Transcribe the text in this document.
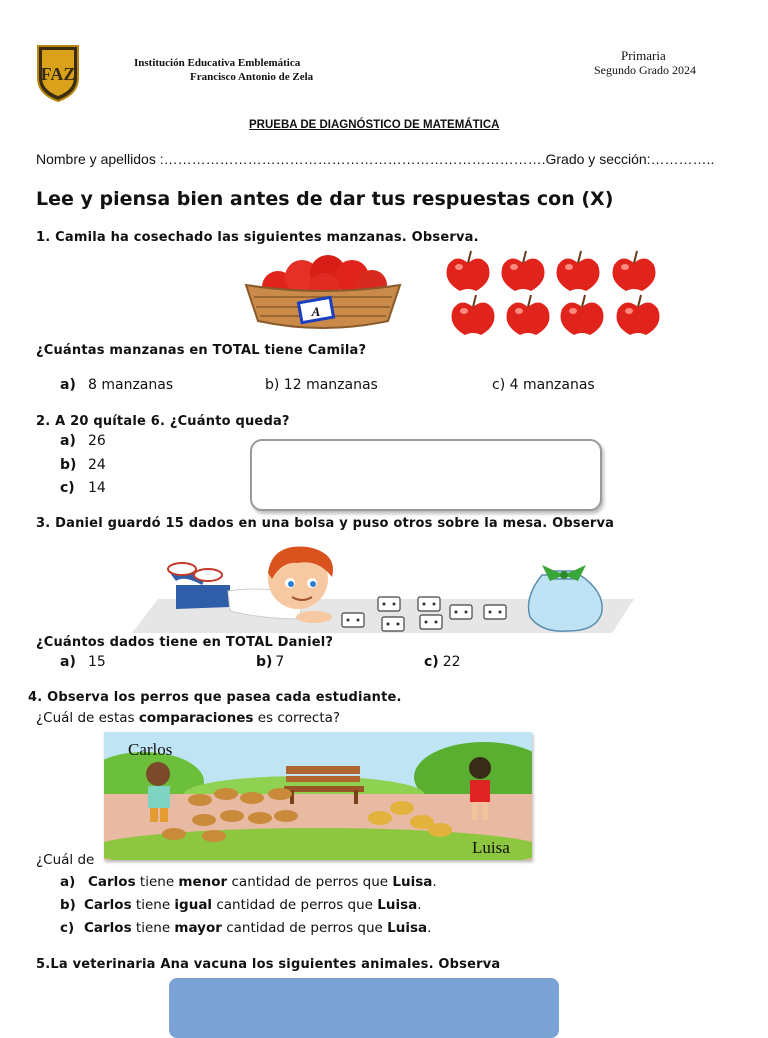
FAZ
Institución Educativa Emblemática
Francisco Antonio de Zela
Primaria
Segundo Grado 2024
PRUEBA DE DIAGNÓSTICO DE MATEMÁTICA
Nombre y apellidos :……………………………………………………………………….Grado y sección:…………..
Lee y piensa bien antes de dar tus respuestas con (X)
1. Camila ha cosechado las siguientes manzanas. Observa.
A
¿Cuántas manzanas en TOTAL tiene Camila?
a) 8 manzanas	b) 12 manzanas	c) 4 manzanas
2. A 20 quítale 6. ¿Cuánto queda?
a) 26
b) 24
c) 14
3. Daniel guardó 15 dados en una bolsa y puso otros sobre la mesa. Observa
¿Cuántos dados tiene en TOTAL Daniel?
a) 15	b) 7	c) 22
4. Observa los perros que pasea cada estudiante.
¿Cuál de estas comparaciones es correcta?
¿Cuál de
Carlos
Luisa
a) Carlos tiene menor cantidad de perros que Luisa.
b) Carlos tiene igual cantidad de perros que Luisa.
c) Carlos tiene mayor cantidad de perros que Luisa.
5.La veterinaria Ana vacuna los siguientes animales. Observa
